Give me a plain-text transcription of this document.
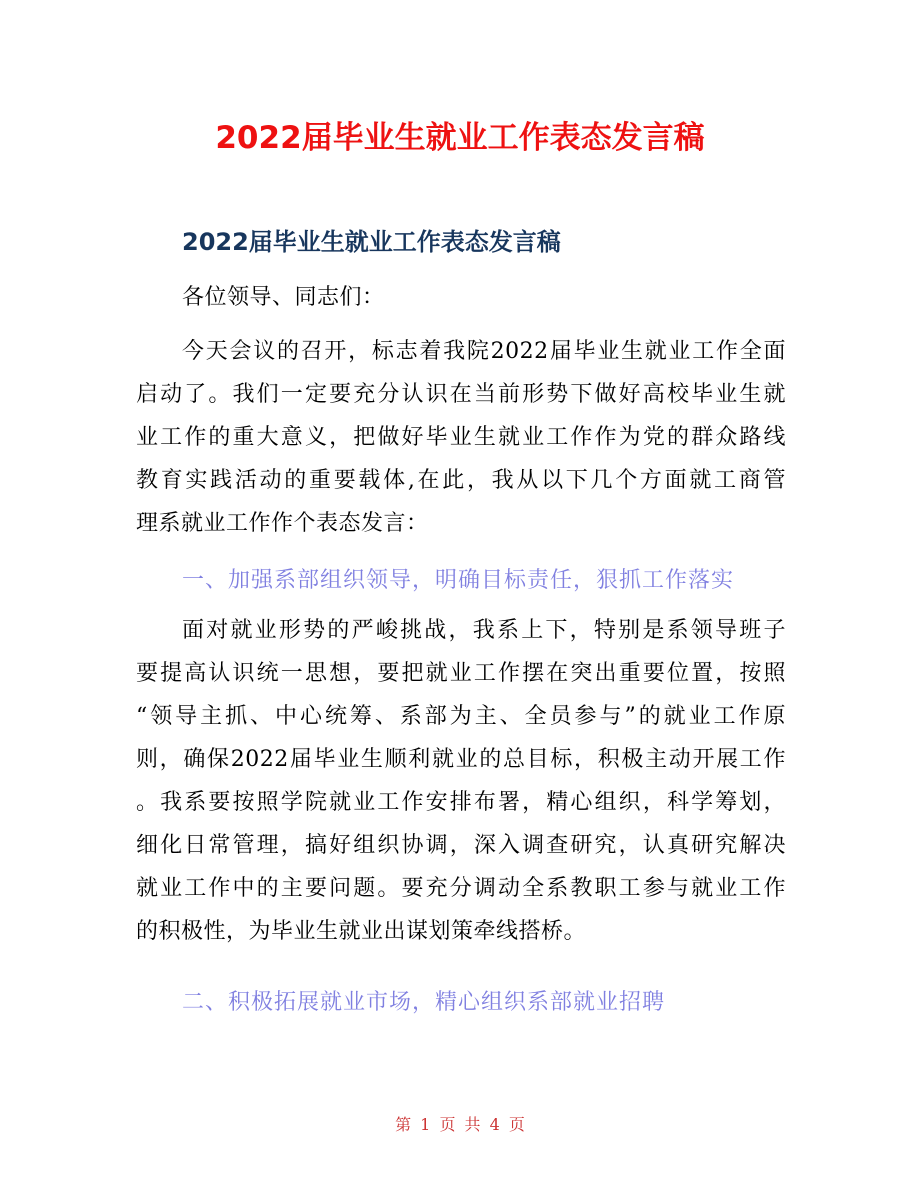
2022届毕业生就业工作表态发言稿
2022届毕业生就业工作表态发言稿

各位领导、同志们：

今天会议的召开，标志着我院2022届毕业生就业工作全面

启动了。我们一定要充分认识在当前形势下做好高校毕业生就

业工作的重大意义，把做好毕业生就业工作作为党的群众路线

教育实践活动的重要载体,在此，我从以下几个方面就工商管

理系就业工作作个表态发言：

一、加强系部组织领导，明确目标责任，狠抓工作落实

面对就业形势的严峻挑战，我系上下，特别是系领导班子

要提高认识统一思想，要把就业工作摆在突出重要位置，按照

“领导主抓、中心统筹、系部为主、全员参与”的就业工作原

则，确保2022届毕业生顺利就业的总目标，积极主动开展工作

。我系要按照学院就业工作安排布署，精心组织，科学筹划，

细化日常管理，搞好组织协调，深入调查研究，认真研究解决

就业工作中的主要问题。要充分调动全系教职工参与就业工作

的积极性，为毕业生就业出谋划策牵线搭桥。

二、积极拓展就业市场，精心组织系部就业招聘

第 1 页 共 4 页
